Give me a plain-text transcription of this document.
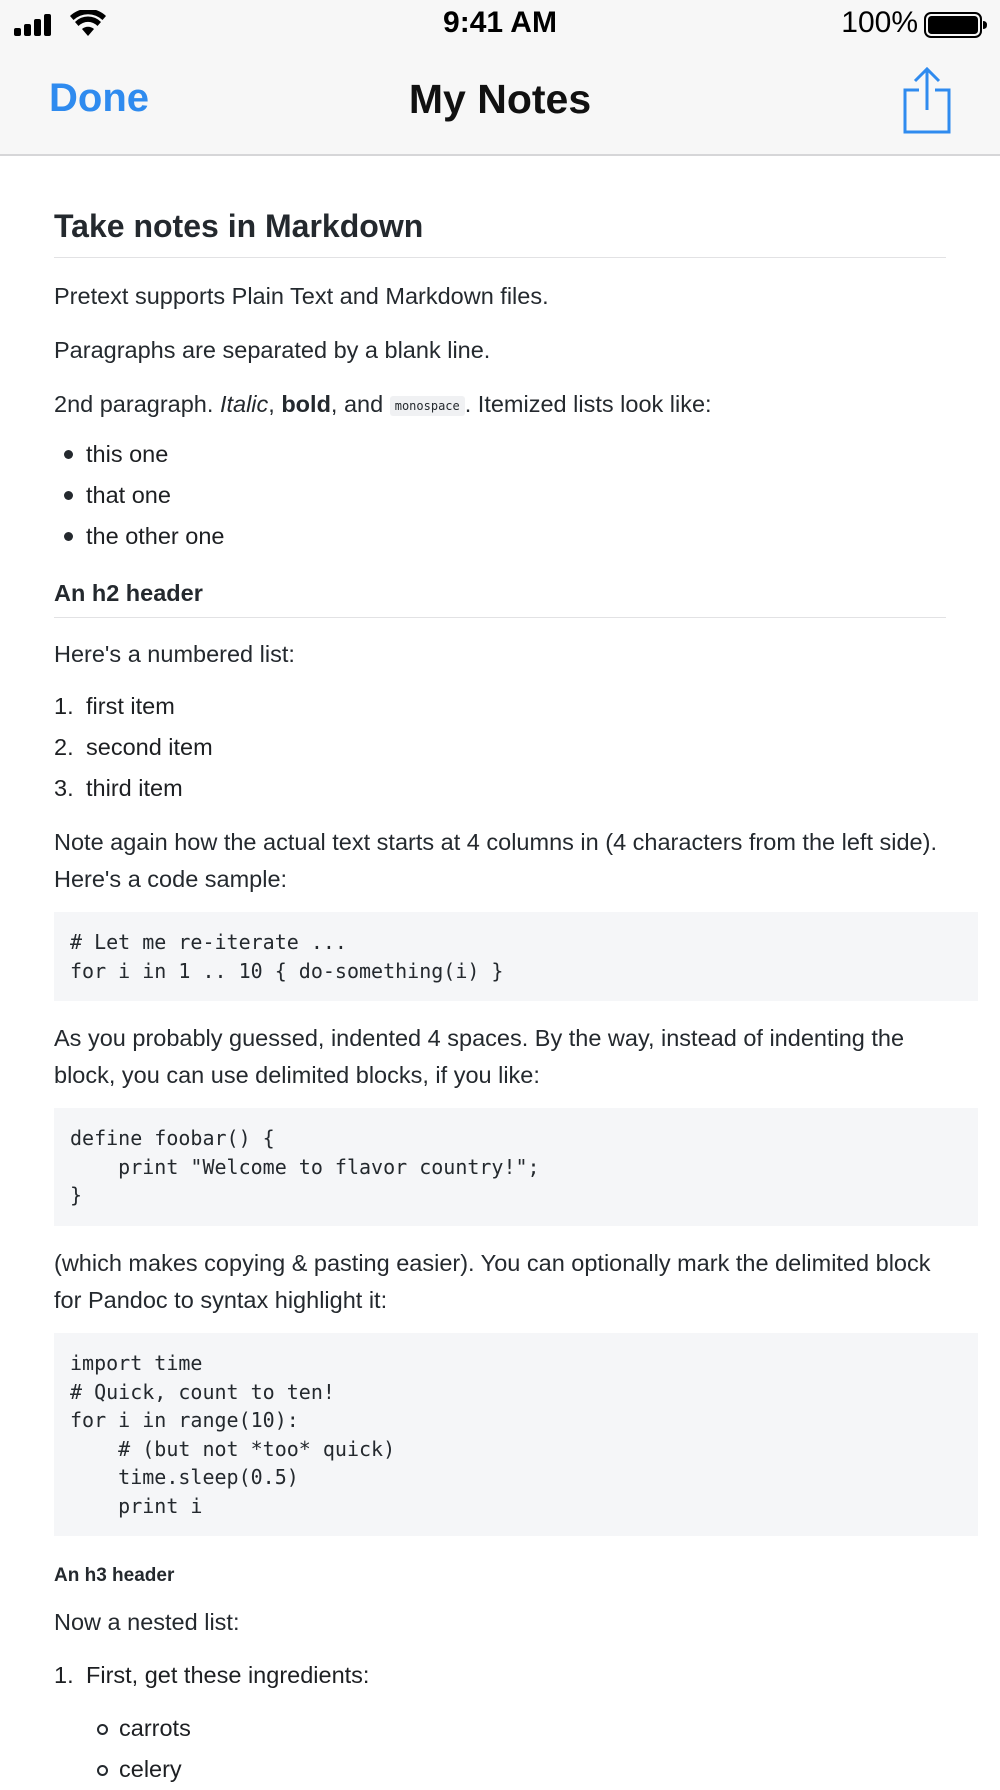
9:41 AM	100%
Done	My Notes
Take notes in Markdown

Pretext supports Plain Text and Markdown files.

Paragraphs are separated by a blank line.

2nd paragraph. Italic, bold, and monospace . Itemized lists look like:

this one
that one
the other one
An h2 header

Here's a numbered list:

1. first item
2. second item
3. third item

Note again how the actual text starts at 4 columns in (4 characters from the left side).
Here's a code sample:

# Let me re-iterate ...
for i in 1 .. 10 { do-something(i) }

As you probably guessed, indented 4 spaces. By the way, instead of indenting the
block, you can use delimited blocks, if you like:

define foobar() {
print "Welcome to flavor country!";
}

(which makes copying & pasting easier). You can optionally mark the delimited block
for Pandoc to syntax highlight it:

import time
# Quick, count to ten!
for i in range(10):
# (but not *too* quick)
time.sleep(0.5)
print i
An h3 header

Now a nested list:

1. First, get these ingredients:
carrots
celery
